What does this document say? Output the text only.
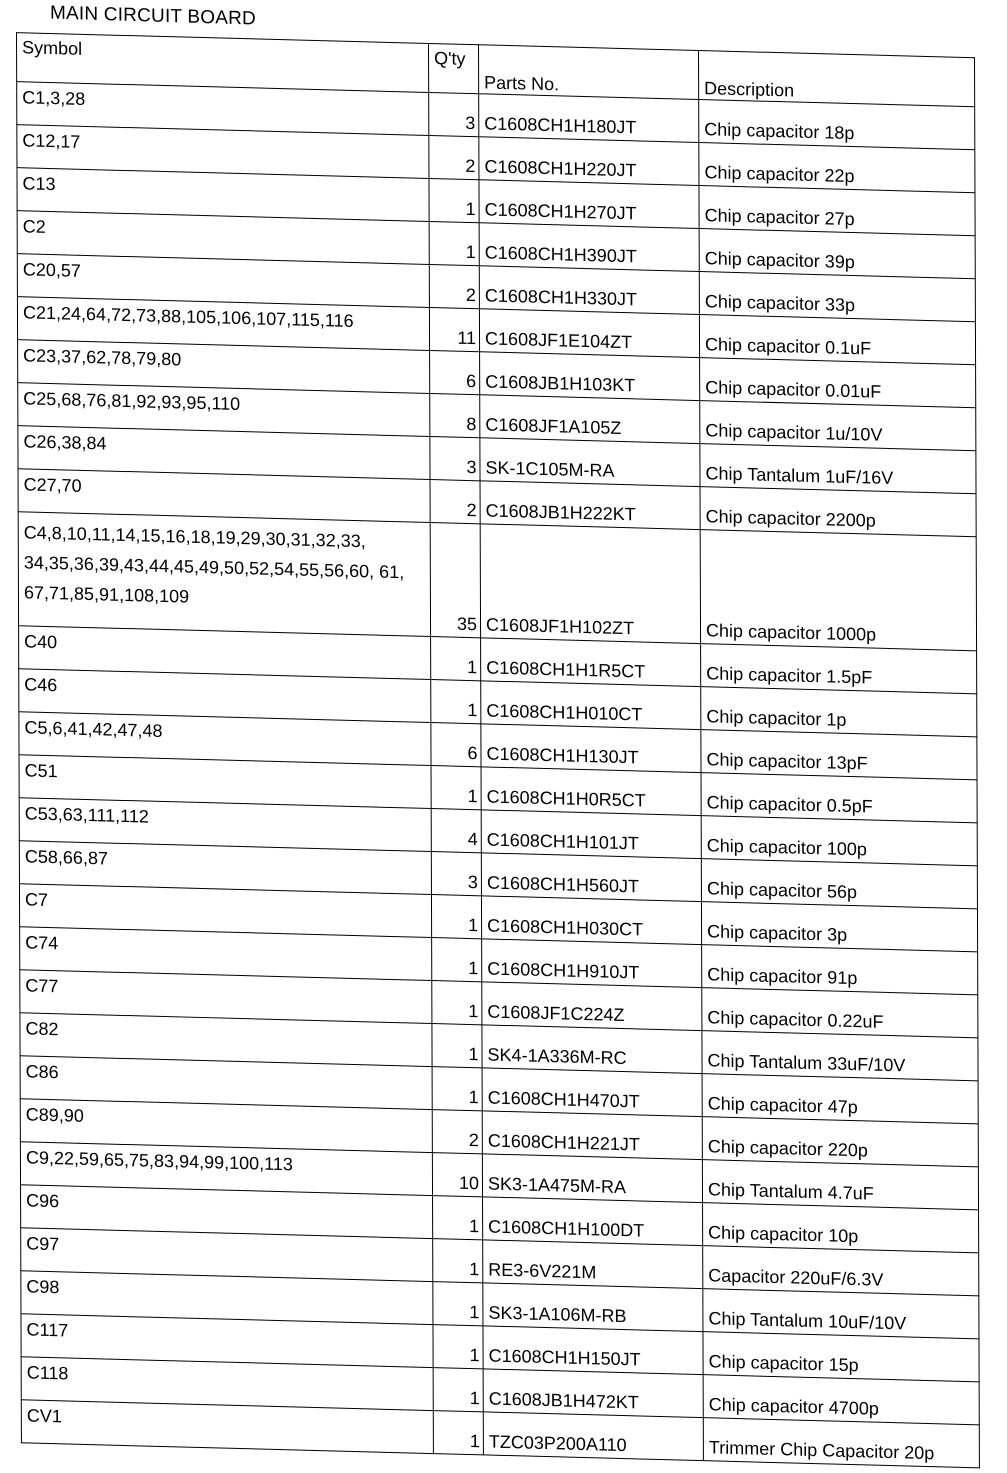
MAIN CIRCUIT BOARD
Symbol	Q'ty	Parts No.	Description
C1,3,28	3	C1608CH1H180JT	Chip capacitor 18p
C12,17	2	C1608CH1H220JT	Chip capacitor 22p
C13	1	C1608CH1H270JT	Chip capacitor 27p
C2	1	C1608CH1H390JT	Chip capacitor 39p
C20,57	2	C1608CH1H330JT	Chip capacitor 33p
C21,24,64,72,73,88,105,106,107,115,116	11	C1608JF1E104ZT	Chip capacitor 0.1uF
C23,37,62,78,79,80	6	C1608JB1H103KT	Chip capacitor 0.01uF
C25,68,76,81,92,93,95,110	8	C1608JF1A105Z	Chip capacitor 1u/10V
C26,38,84	3	SK-1C105M-RA	Chip Tantalum 1uF/16V
C27,70	2	C1608JB1H222KT	Chip capacitor 2200p
C4,8,10,11,14,15,16,18,19,29,30,31,32,33, 34,35,36,39,43,44,45,49,50,52,54,55,56,60, 61, 67,71,85,91,108,109	35	C1608JF1H102ZT	Chip capacitor 1000p
C40	1	C1608CH1H1R5CT	Chip capacitor 1.5pF
C46	1	C1608CH1H010CT	Chip capacitor 1p
C5,6,41,42,47,48	6	C1608CH1H130JT	Chip capacitor 13pF
C51	1	C1608CH1H0R5CT	Chip capacitor 0.5pF
C53,63,111,112	4	C1608CH1H101JT	Chip capacitor 100p
C58,66,87	3	C1608CH1H560JT	Chip capacitor 56p
C7	1	C1608CH1H030CT	Chip capacitor 3p
C74	1	C1608CH1H910JT	Chip capacitor 91p
C77	1	C1608JF1C224Z	Chip capacitor 0.22uF
C82	1	SK4-1A336M-RC	Chip Tantalum 33uF/10V
C86	1	C1608CH1H470JT	Chip capacitor 47p
C89,90	2	C1608CH1H221JT	Chip capacitor 220p
C9,22,59,65,75,83,94,99,100,113	10	SK3-1A475M-RA	Chip Tantalum 4.7uF
C96	1	C1608CH1H100DT	Chip capacitor 10p
C97	1	RE3-6V221M	Capacitor 220uF/6.3V
C98	1	SK3-1A106M-RB	Chip Tantalum 10uF/10V
C117	1	C1608CH1H150JT	Chip capacitor 15p
C118	1	C1608JB1H472KT	Chip capacitor 4700p
CV1	1	TZC03P200A110	Trimmer Chip Capacitor 20p
